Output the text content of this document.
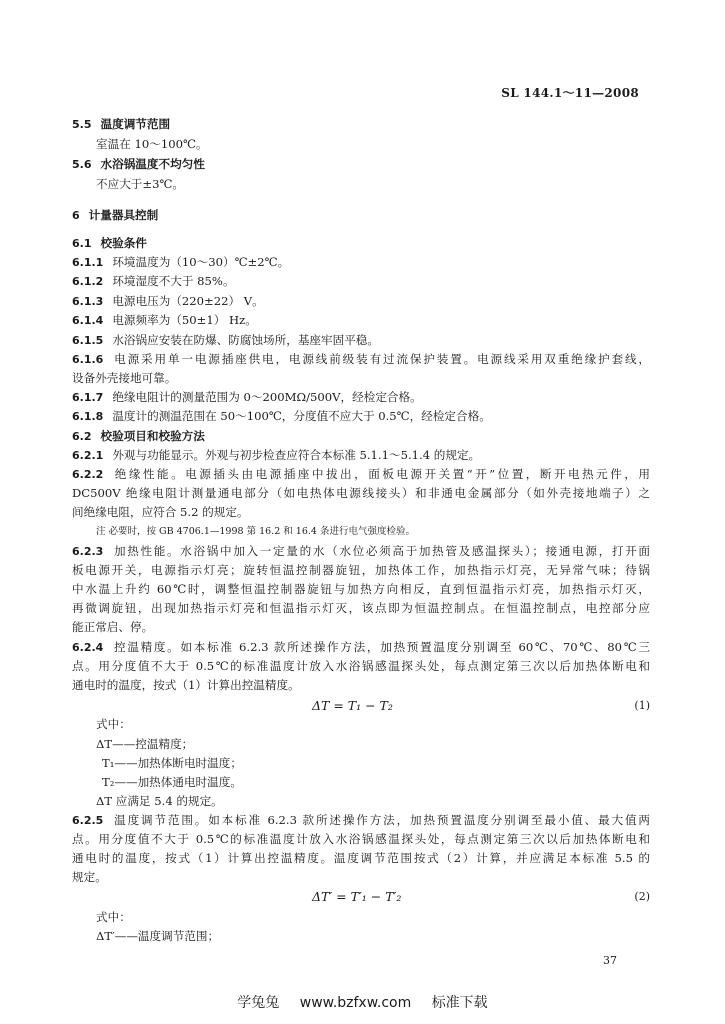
SL 144.1～11—2008
5.5 温度调节范围
室温在 10～100℃。
5.6 水浴锅温度不均匀性
不应大于±3℃。
6 计量器具控制
6.1 校验条件
6.1.1 环境温度为（10～30）℃±2℃。
6.1.2 环境湿度不大于 85%。
6.1.3 电源电压为（220±22） V。
6.1.4 电源频率为（50±1） Hz。
6.1.5 水浴锅应安装在防爆、防腐蚀场所，基座牢固平稳。
6.1.6 电源采用单一电源插座供电，电源线前级装有过流保护装置。电源线采用双重绝缘护套线，
设备外壳接地可靠。
6.1.7 绝缘电阻计的测量范围为 0～200MΩ/500V，经检定合格。
6.1.8 温度计的测温范围在 50～100℃，分度值不应大于 0.5℃，经检定合格。
6.2 校验项目和校验方法
6.2.1 外观与功能显示。外观与初步检查应符合本标准 5.1.1～5.1.4 的规定。
6.2.2 绝缘性能。电源插头由电源插座中拔出，面板电源开关置“开”位置，断开电热元件，用
DC500V 绝缘电阻计测量通电部分（如电热体电源线接头）和非通电金属部分（如外壳接地端子）之
间绝缘电阻，应符合 5.2 的规定。
注 必要时，按 GB 4706.1—1998 第 16.2 和 16.4 条进行电气强度检验。
6.2.3 加热性能。水浴锅中加入一定量的水（水位必须高于加热管及感温探头）；接通电源，打开面
板电源开关，电源指示灯亮；旋转恒温控制器旋钮，加热体工作，加热指示灯亮，无异常气味；待锅
中水温上升约 60℃时，调整恒温控制器旋钮与加热方向相反，直到恒温指示灯亮，加热指示灯灭，
再微调旋钮，出现加热指示灯亮和恒温指示灯灭，该点即为恒温控制点。在恒温控制点，电控部分应
能正常启、停。
6.2.4 控温精度。如本标准 6.2.3 款所述操作方法，加热预置温度分别调至 60℃、70℃、80℃三
点。用分度值不大于 0.5℃的标准温度计放入水浴锅感温探头处，每点测定第三次以后加热体断电和
通电时的温度，按式（1）计算出控温精度。
ΔT = T₁ − T₂	(1)
式中：
ΔT——控温精度；
T₁——加热体断电时温度；
T₂——加热体通电时温度。
ΔT 应满足 5.4 的规定。
6.2.5 温度调节范围。如本标准 6.2.3 款所述操作方法，加热预置温度分别调至最小值、最大值两
点。用分度值不大于 0.5℃的标准温度计放入水浴锅感温探头处，每点测定第三次以后加热体断电和
通电时的温度，按式（1）计算出控温精度。温度调节范围按式（2）计算，并应满足本标准 5.5 的
规定。
ΔT′ = T′₁ − T′₂	(2)
式中：
ΔT′——温度调节范围；
37
学兔兔 www.bzfxw.com 标准下载
